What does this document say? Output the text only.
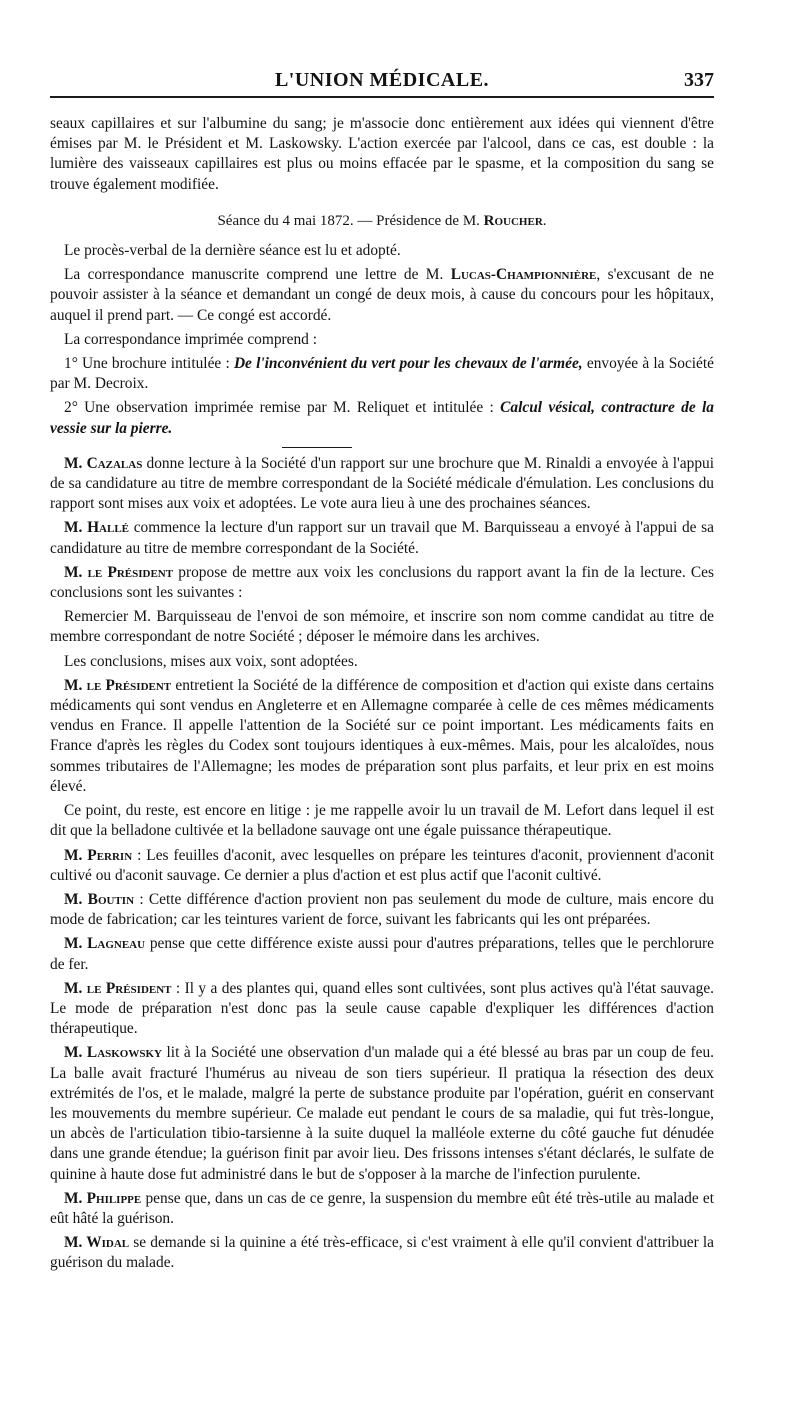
L'UNION MÉDICALE.	337

seaux capillaires et sur l'albumine du sang; je m'associe donc entièrement aux idées qui viennent d'être émises par M. le Président et M. Laskowsky. L'action exercée par l'alcool, dans ce cas, est double : la lumière des vaisseaux capillaires est plus ou moins effacée par le spasme, et la composition du sang se trouve également modifiée.

Séance du 4 mai 1872. — Présidence de M. Roucher.

Le procès-verbal de la dernière séance est lu et adopté.

La correspondance manuscrite comprend une lettre de M. Lucas-Championnière, s'excusant de ne pouvoir assister à la séance et demandant un congé de deux mois, à cause du concours pour les hôpitaux, auquel il prend part. — Ce congé est accordé.

La correspondance imprimée comprend :

1° Une brochure intitulée : De l'inconvénient du vert pour les chevaux de l'armée, envoyée à la Société par M. Decroix.

2° Une observation imprimée remise par M. Reliquet et intitulée : Calcul vésical, contracture de la vessie sur la pierre.

M. Cazalas donne lecture à la Société d'un rapport sur une brochure que M. Rinaldi a envoyée à l'appui de sa candidature au titre de membre correspondant de la Société médicale d'émulation. Les conclusions du rapport sont mises aux voix et adoptées. Le vote aura lieu à une des prochaines séances.

M. Hallé commence la lecture d'un rapport sur un travail que M. Barquisseau a envoyé à l'appui de sa candidature au titre de membre correspondant de la Société.

M. le Président propose de mettre aux voix les conclusions du rapport avant la fin de la lecture. Ces conclusions sont les suivantes :

Remercier M. Barquisseau de l'envoi de son mémoire, et inscrire son nom comme candidat au titre de membre correspondant de notre Société ; déposer le mémoire dans les archives.

Les conclusions, mises aux voix, sont adoptées.

M. le Président entretient la Société de la différence de composition et d'action qui existe dans certains médicaments qui sont vendus en Angleterre et en Allemagne comparée à celle de ces mêmes médicaments vendus en France. Il appelle l'attention de la Société sur ce point important. Les médicaments faits en France d'après les règles du Codex sont toujours identiques à eux-mêmes. Mais, pour les alcaloïdes, nous sommes tributaires de l'Allemagne; les modes de préparation sont plus parfaits, et leur prix en est moins élevé.

Ce point, du reste, est encore en litige : je me rappelle avoir lu un travail de M. Lefort dans lequel il est dit que la belladone cultivée et la belladone sauvage ont une égale puissance thérapeutique.

M. Perrin : Les feuilles d'aconit, avec lesquelles on prépare les teintures d'aconit, proviennent d'aconit cultivé ou d'aconit sauvage. Ce dernier a plus d'action et est plus actif que l'aconit cultivé.

M. Boutin : Cette différence d'action provient non pas seulement du mode de culture, mais encore du mode de fabrication; car les teintures varient de force, suivant les fabricants qui les ont préparées.

M. Lagneau pense que cette différence existe aussi pour d'autres préparations, telles que le perchlorure de fer.

M. le Président : Il y a des plantes qui, quand elles sont cultivées, sont plus actives qu'à l'état sauvage. Le mode de préparation n'est donc pas la seule cause capable d'expliquer les différences d'action thérapeutique.

M. Laskowsky lit à la Société une observation d'un malade qui a été blessé au bras par un coup de feu. La balle avait fracturé l'humérus au niveau de son tiers supérieur. Il pratiqua la résection des deux extrémités de l'os, et le malade, malgré la perte de substance produite par l'opération, guérit en conservant les mouvements du membre supérieur. Ce malade eut pendant le cours de sa maladie, qui fut très-longue, un abcès de l'articulation tibio-tarsienne à la suite duquel la malléole externe du côté gauche fut dénudée dans une grande étendue; la guérison finit par avoir lieu. Des frissons intenses s'étant déclarés, le sulfate de quinine à haute dose fut administré dans le but de s'opposer à la marche de l'infection purulente.

M. Philippe pense que, dans un cas de ce genre, la suspension du membre eût été très-utile au malade et eût hâté la guérison.

M. Widal se demande si la quinine a été très-efficace, si c'est vraiment à elle qu'il convient d'attribuer la guérison du malade.
